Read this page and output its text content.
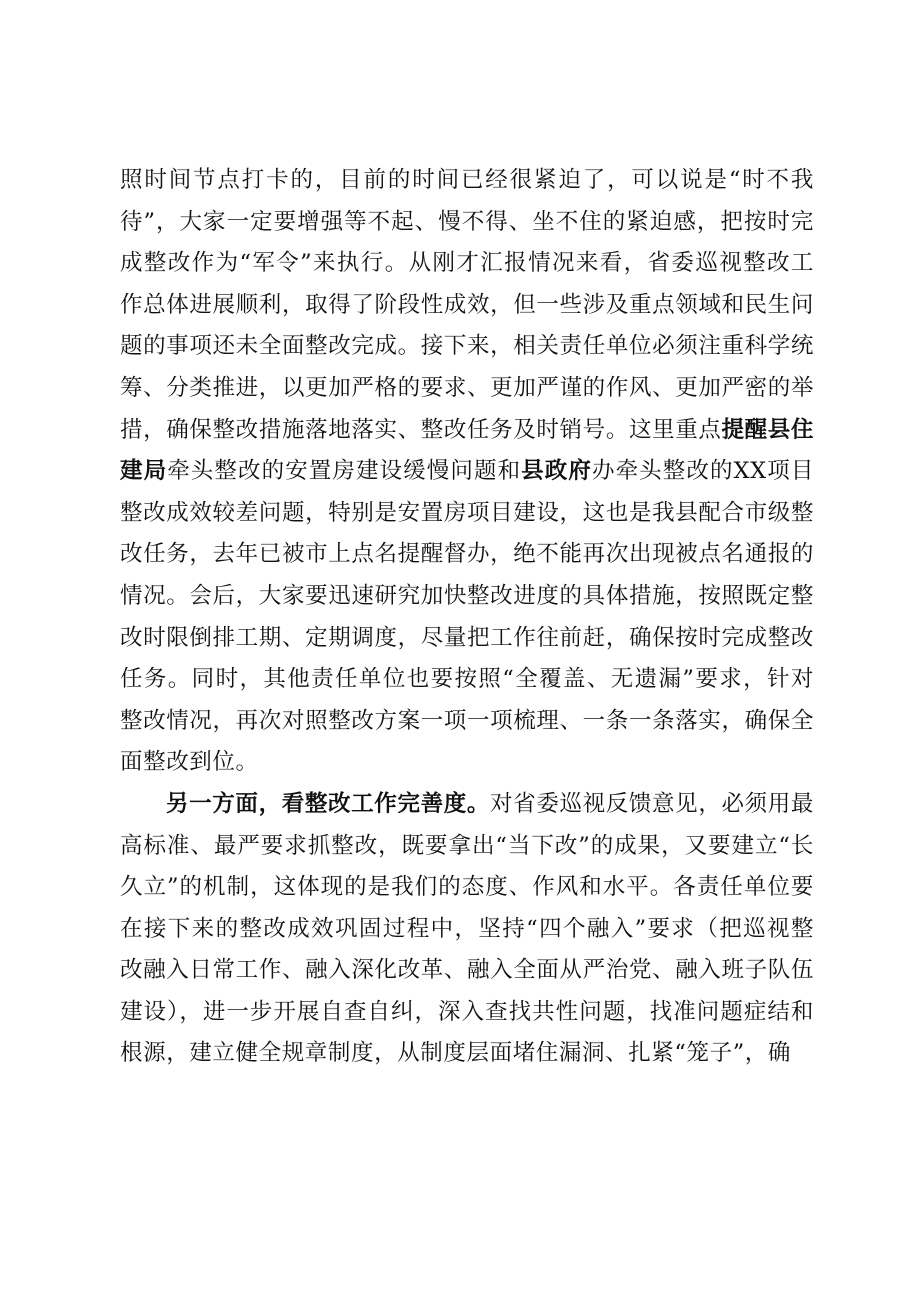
照时间节点打卡的，目前的时间已经很紧迫了，可以说是“时不我待”，大家一定要增强等不起、慢不得、坐不住的紧迫感，把按时完成整改作为“军令”来执行。从刚才汇报情况来看，省委巡视整改工作总体进展顺利，取得了阶段性成效，但一些涉及重点领域和民生问题的事项还未全面整改完成。接下来，相关责任单位必须注重科学统筹、分类推进，以更加严格的要求、更加严谨的作风、更加严密的举措，确保整改措施落地落实、整改任务及时销号。这里重点提醒县住建局牵头整改的安置房建设缓慢问题和县政府办牵头整改的XX项目整改成效较差问题，特别是安置房项目建设，这也是我县配合市级整改任务，去年已被市上点名提醒督办，绝不能再次出现被点名通报的情况。会后，大家要迅速研究加快整改进度的具体措施，按照既定整改时限倒排工期、定期调度，尽量把工作往前赶，确保按时完成整改任务。同时，其他责任单位也要按照“全覆盖、无遗漏”要求，针对整改情况，再次对照整改方案一项一项梳理、一条一条落实，确保全面整改到位。

另一方面，看整改工作完善度。对省委巡视反馈意见，必须用最高标准、最严要求抓整改，既要拿出“当下改”的成果，又要建立“长久立”的机制，这体现的是我们的态度、作风和水平。各责任单位要在接下来的整改成效巩固过程中，坚持“四个融入”要求（把巡视整改融入日常工作、融入深化改革、融入全面从严治党、融入班子队伍建设），进一步开展自查自纠，深入查找共性问题，找准问题症结和根源，建立健全规章制度，从制度层面堵住漏洞、扎紧“笼子”，确
